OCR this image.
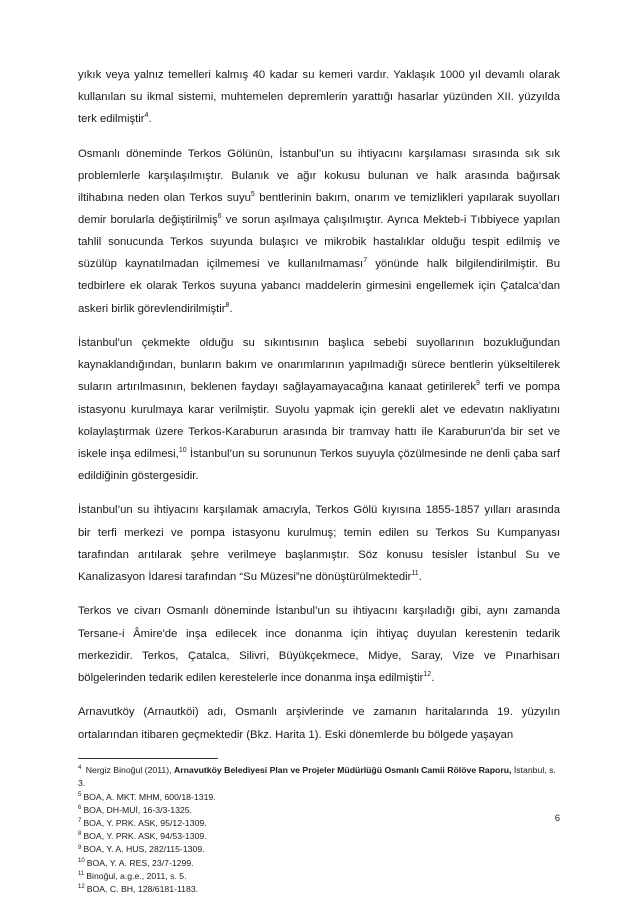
yıkık veya yalnız temelleri kalmış 40 kadar su kemeri vardır. Yaklaşık 1000 yıl devamlı olarak kullanılan su ikmal sistemi, muhtemelen depremlerin yarattığı hasarlar yüzünden XII. yüzyılda terk edilmiştir$^4$.

Osmanlı döneminde Terkos Gölünün, İstanbul’un su ihtiyacını karşılaması sırasında sık sık problemlerle karşılaşılmıştır. Bulanık ve ağır kokusu bulunan ve halk arasında bağırsak iltihabına neden olan Terkos suyu$^5$ bentlerinin bakım, onarım ve temizlikleri yapılarak suyolları demir borularla değiştirilmiş$^6$ ve sorun aşılmaya çalışılmıştır. Ayrıca Mekteb-i Tıbbiyece yapılan tahlil sonucunda Terkos suyunda bulaşıcı ve mikrobik hastalıklar olduğu tespit edilmiş ve süzülüp kaynatılmadan içilmemesi ve kullanılmaması$^7$ yönünde halk bilgilendirilmiştir. Bu tedbirlere ek olarak Terkos suyuna yabancı maddelerin girmesini engellemek için Çatalca’dan askeri birlik görevlendirilmiştir$^8$.

İstanbul'un çekmekte olduğu su sıkıntısının başlıca sebebi suyollarının bozukluğundan kaynaklandığından, bunların bakım ve onarımlarının yapılmadığı sürece bentlerin yükseltilerek suların artırılmasının, beklenen faydayı sağlayamayacağına kanaat getirilerek$^9$ terfi ve pompa istasyonu kurulmaya karar verilmiştir. Suyolu yapmak için gerekli alet ve edevatın nakliyatını kolaylaştırmak üzere Terkos-Karaburun arasında bir tramvay hattı ile Karaburun'da bir set ve iskele inşa edilmesi,$^{10}$ İstanbul’un su sorununun Terkos suyuyla çözülmesinde ne denli çaba sarf edildiğinin göstergesidir.

İstanbul’un su ihtiyacını karşılamak amacıyla, Terkos Gölü kıyısına 1855-1857 yılları arasında bir terfi merkezi ve pompa istasyonu kurulmuş; temin edilen su Terkos Su Kumpanyası tarafından arıtılarak şehre verilmeye başlanmıştır. Söz konusu tesisler İstanbul Su ve Kanalizasyon İdaresi tarafından “Su Müzesi”ne dönüştürülmektedir$^{11}$.

Terkos ve civarı Osmanlı döneminde İstanbul’un su ihtiyacını karşıladığı gibi, aynı zamanda Tersane-i Âmire'de inşa edilecek ince donanma için ihtiyaç duyulan kerestenin tedarik merkezidir. Terkos, Çatalca, Silivri, Büyükçekmece, Midye, Saray, Vize ve Pınarhisarı bölgelerinden tedarik edilen kerestelerle ince donanma inşa edilmiştir$^{12}$.

Arnavutköy (Arnautköi) adı, Osmanlı arşivlerinde ve zamanın haritalarında 19. yüzyılın ortalarından itibaren geçmektedir (Bkz. Harita 1). Eski dönemlerde bu bölgede yaşayan

$^4$ Nergiz Binoğul (2011), Arnavutköy Belediyesi Plan ve Projeler Müdürlüğü Osmanlı Camii Rölöve Raporu, İstanbul, s. 3.

$^5$ BOA, A. MKT. MHM, 600/18-1319.

$^6$ BOA, DH-MUİ, 16-3/3-1325.

$^7$ BOA, Y. PRK. ASK, 95/12-1309.

$^8$ BOA, Y. PRK. ASK, 94/53-1309.

$^9$ BOA, Y. A. HUS, 282/115-1309.

$^{10}$ BOA, Y. A. RES, 23/7-1299.

$^{11}$ Binoğul, a.g.e., 2011, s. 5.

$^{12}$ BOA, C. BH, 128/6181-1183.

6
